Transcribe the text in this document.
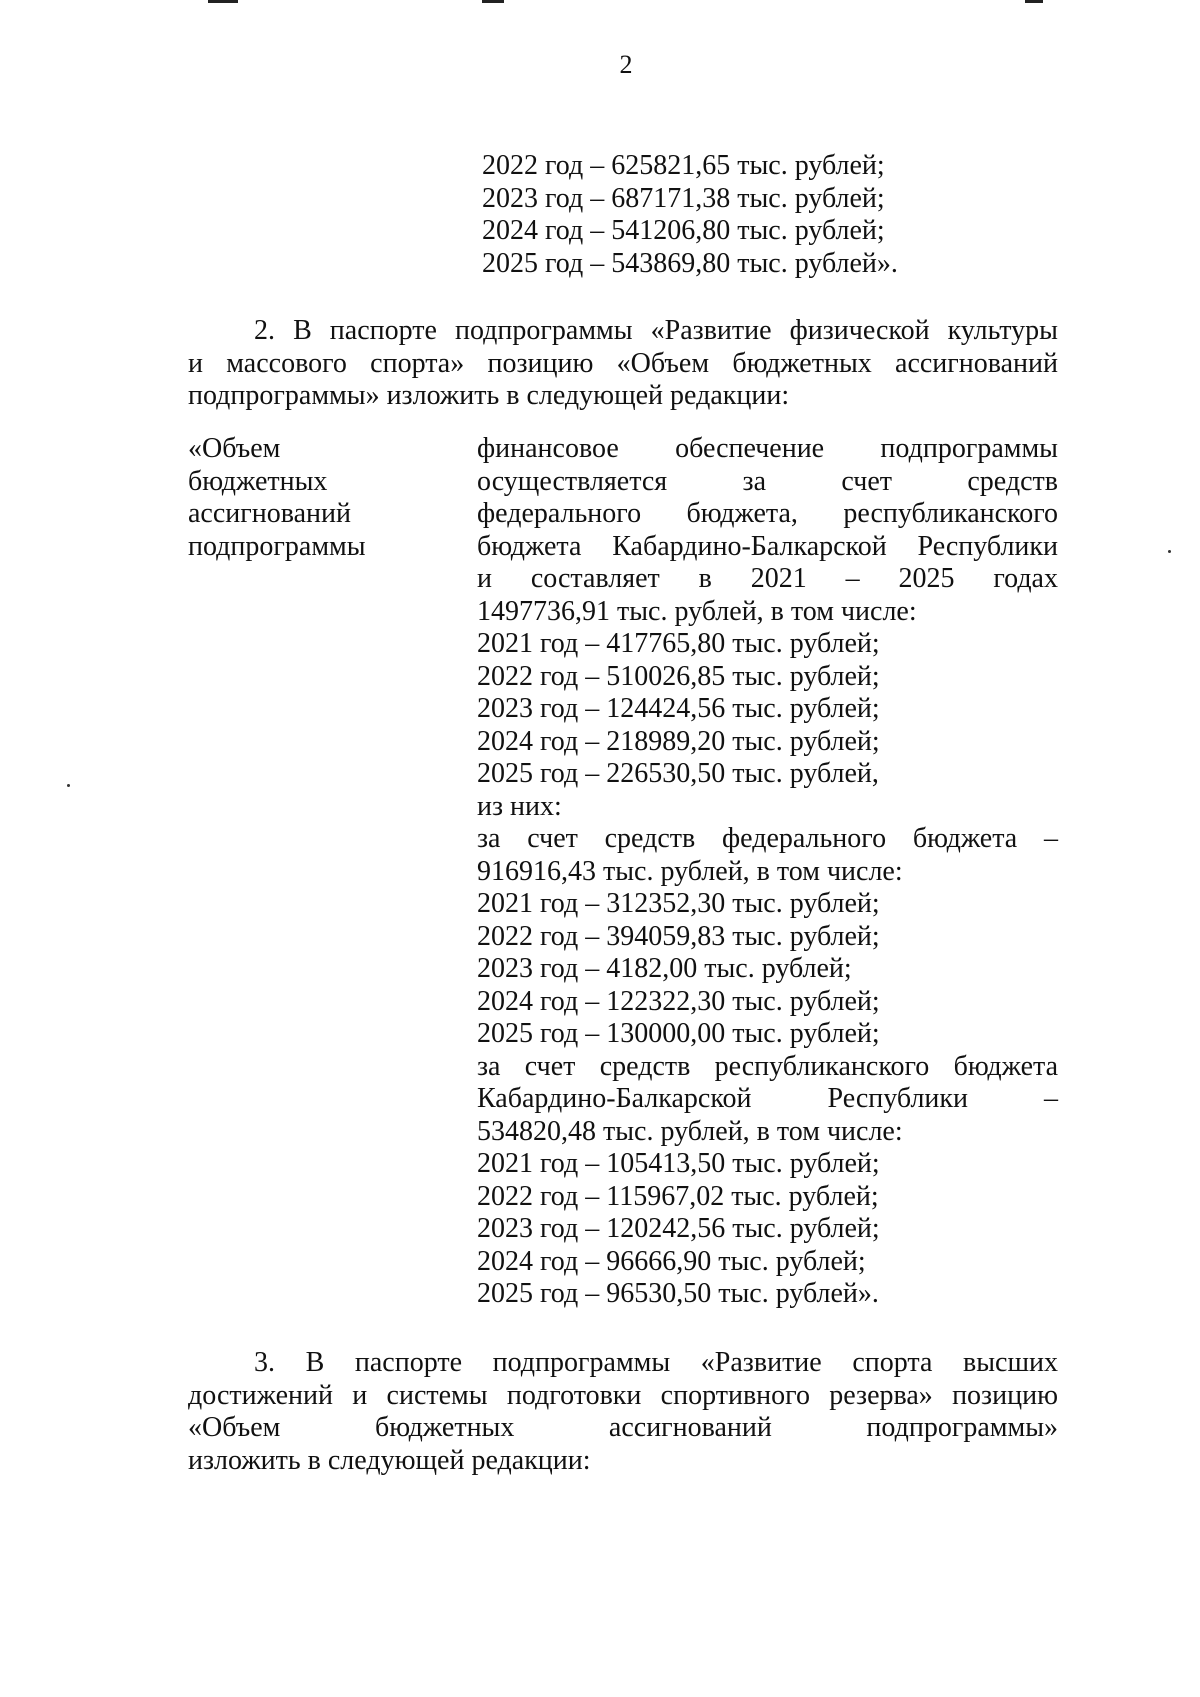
2
2022 год – 625821,65 тыс. рублей;
2023 год – 687171,38 тыс. рублей;
2024 год – 541206,80 тыс. рублей;
2025 год – 543869,80 тыс. рублей».
2. В паспорте подпрограммы «Развитие физической культуры
и массового спорта» позицию «Объем бюджетных ассигнований
подпрограммы» изложить в следующей редакции:
«Объем
бюджетных
ассигнований
подпрограммы
финансовое обеспечение подпрограммы
осуществляется за счет средств
федерального бюджета, республиканского
бюджета Кабардино-Балкарской Республики
и составляет в 2021 – 2025 годах
1497736,91 тыс. рублей, в том числе:
2021 год – 417765,80 тыс. рублей;
2022 год – 510026,85 тыс. рублей;
2023 год – 124424,56 тыс. рублей;
2024 год – 218989,20 тыс. рублей;
2025 год – 226530,50 тыс. рублей,
из них:
за счет средств федерального бюджета –
916916,43 тыс. рублей, в том числе:
2021 год – 312352,30 тыс. рублей;
2022 год – 394059,83 тыс. рублей;
2023 год – 4182,00 тыс. рублей;
2024 год – 122322,30 тыс. рублей;
2025 год – 130000,00 тыс. рублей;
за счет средств республиканского бюджета
Кабардино-Балкарской Республики –
534820,48 тыс. рублей, в том числе:
2021 год – 105413,50 тыс. рублей;
2022 год – 115967,02 тыс. рублей;
2023 год – 120242,56 тыс. рублей;
2024 год – 96666,90 тыс. рублей;
2025 год – 96530,50 тыс. рублей».
3. В паспорте подпрограммы «Развитие спорта высших
достижений и системы подготовки спортивного резерва» позицию
«Объем бюджетных ассигнований подпрограммы»
изложить в следующей редакции:
